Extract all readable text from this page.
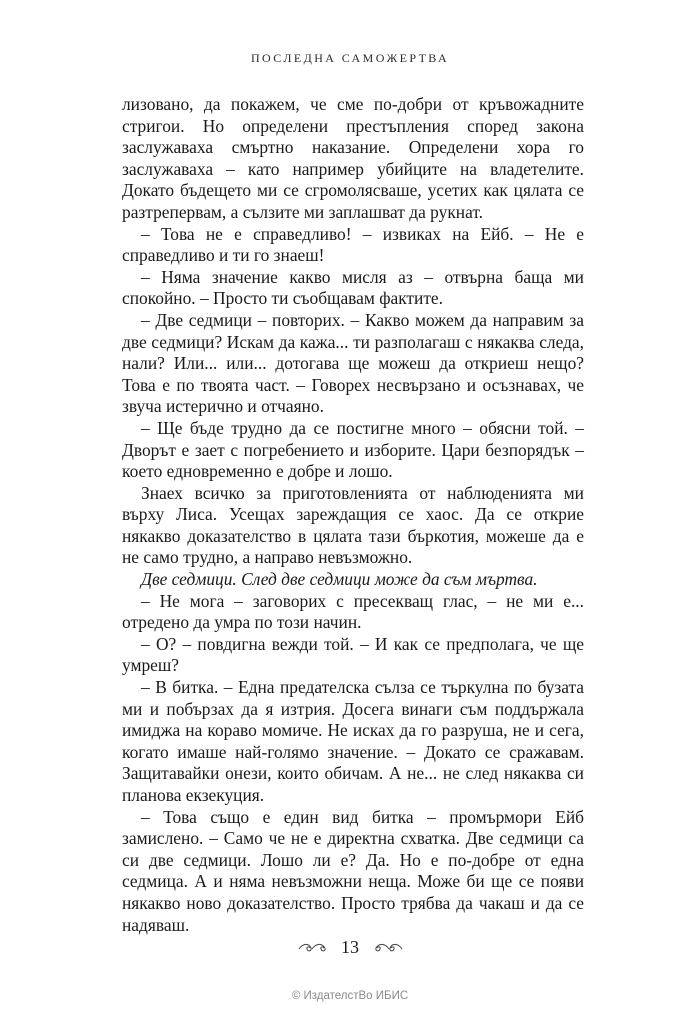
ПОСЛЕДНА САМОЖЕРТВА

лизовано, да покажем, че сме по-добри от кръвожадните стригои. Но определени престъпления според закона заслужаваха смъртно наказание. Определени хора го заслужаваха – като например убийците на владетелите. Докато бъдещето ми се сгромолясваше, усетих как цялата се разтрепервам, а сълзите ми заплашват да рукнат.

– Това не е справедливо! – извиках на Ейб. – Не е справедливо и ти го знаеш!

– Няма значение какво мисля аз – отвърна баща ми спокойно. – Просто ти съобщавам фактите.

– Две седмици – повторих. – Какво можем да направим за две седмици? Искам да кажа... ти разполагаш с някаква следа, нали? Или... или... дотогава ще можеш да откриеш нещо? Това е по твоята част. – Говорех несвързано и осъзнавах, че звуча истерично и отчаяно.

– Ще бъде трудно да се постигне много – обясни той. – Дворът е зает с погребението и изборите. Цари безпорядък – което едновременно е добре и лошо.

Знаех всичко за приготовленията от наблюденията ми върху Лиса. Усещах зареждащия се хаос. Да се открие някакво доказателство в цялата тази бъркотия, можеше да е не само трудно, а направо невъзможно.

Две седмици. След две седмици може да съм мъртва.

– Не мога – заговорих с пресекващ глас, – не ми е... отредено да умра по този начин.

– О? – повдигна вежди той. – И как се предполага, че ще умреш?

– В битка. – Една предателска сълза се търкулна по бузата ми и побързах да я изтрия. Досега винаги съм поддържала имиджа на кораво момиче. Не исках да го разруша, не и сега, когато имаше най-голямо значение. – Докато се сражавам. Защитавайки онези, които обичам. А не... не след някаква си планова екзекуция.

– Това също е един вид битка – промърмори Ейб замислено. – Само че не е директна схватка. Две седмици са си две седмици. Лошо ли е? Да. Но е по-добре от една седмица. А и няма невъзможни неща. Може би ще се появи някакво ново доказателство. Просто трябва да чакаш и да се надяваш.

13
© ИздателстВо ИБИС
